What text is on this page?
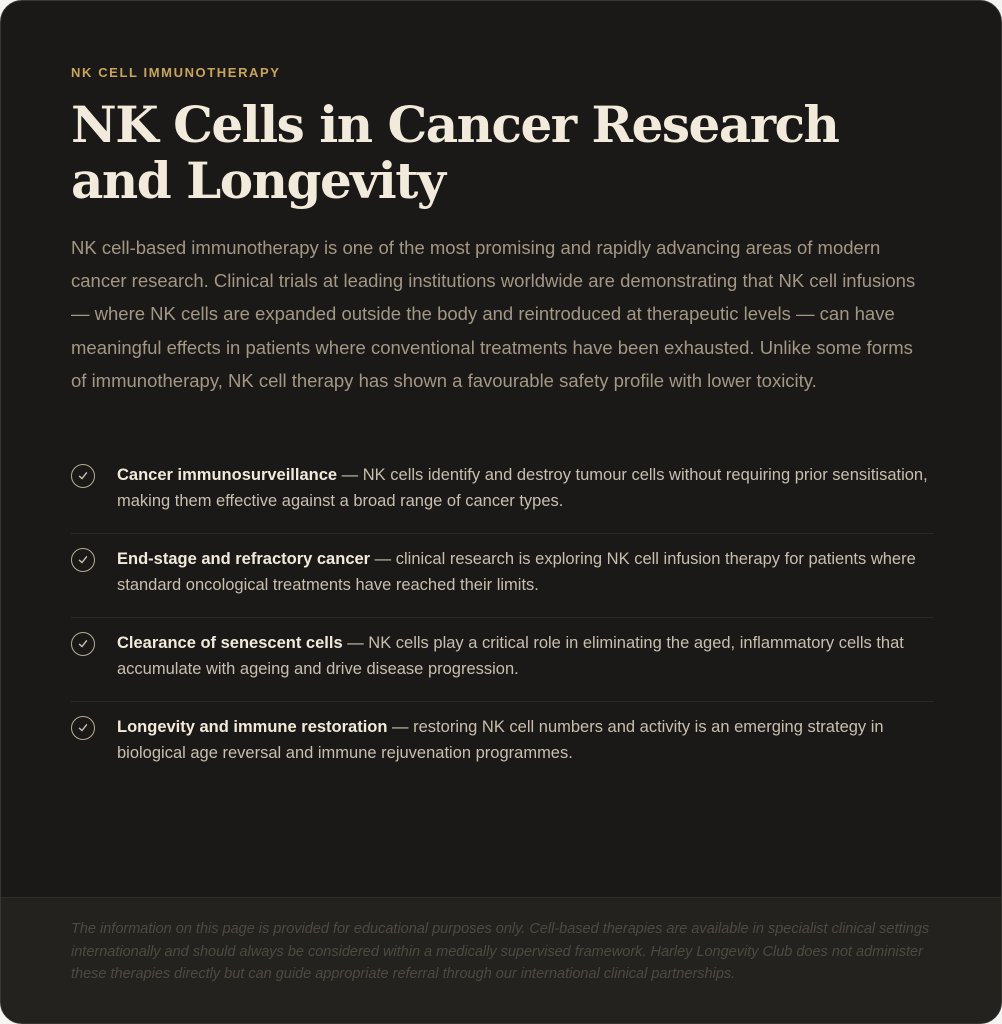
NK CELL IMMUNOTHERAPY
NK Cells in Cancer Research and Longevity

NK cell-based immunotherapy is one of the most promising and rapidly advancing areas of modern cancer research. Clinical trials at leading institutions worldwide are demonstrating that NK cell infusions — where NK cells are expanded outside the body and reintroduced at therapeutic levels — can have meaningful effects in patients where conventional treatments have been exhausted. Unlike some forms of immunotherapy, NK cell therapy has shown a favourable safety profile with lower toxicity.

Cancer immunosurveillance — NK cells identify and destroy tumour cells without requiring prior sensitisation, making them effective against a broad range of cancer types.

End-stage and refractory cancer — clinical research is exploring NK cell infusion therapy for patients where standard oncological treatments have reached their limits.

Clearance of senescent cells — NK cells play a critical role in eliminating the aged, inflammatory cells that accumulate with ageing and drive disease progression.

Longevity and immune restoration — restoring NK cell numbers and activity is an emerging strategy in biological age reversal and immune rejuvenation programmes.

The information on this page is provided for educational purposes only. Cell-based therapies are available in specialist clinical settings internationally and should always be considered within a medically supervised framework. Harley Longevity Club does not administer these therapies directly but can guide appropriate referral through our international clinical partnerships.
